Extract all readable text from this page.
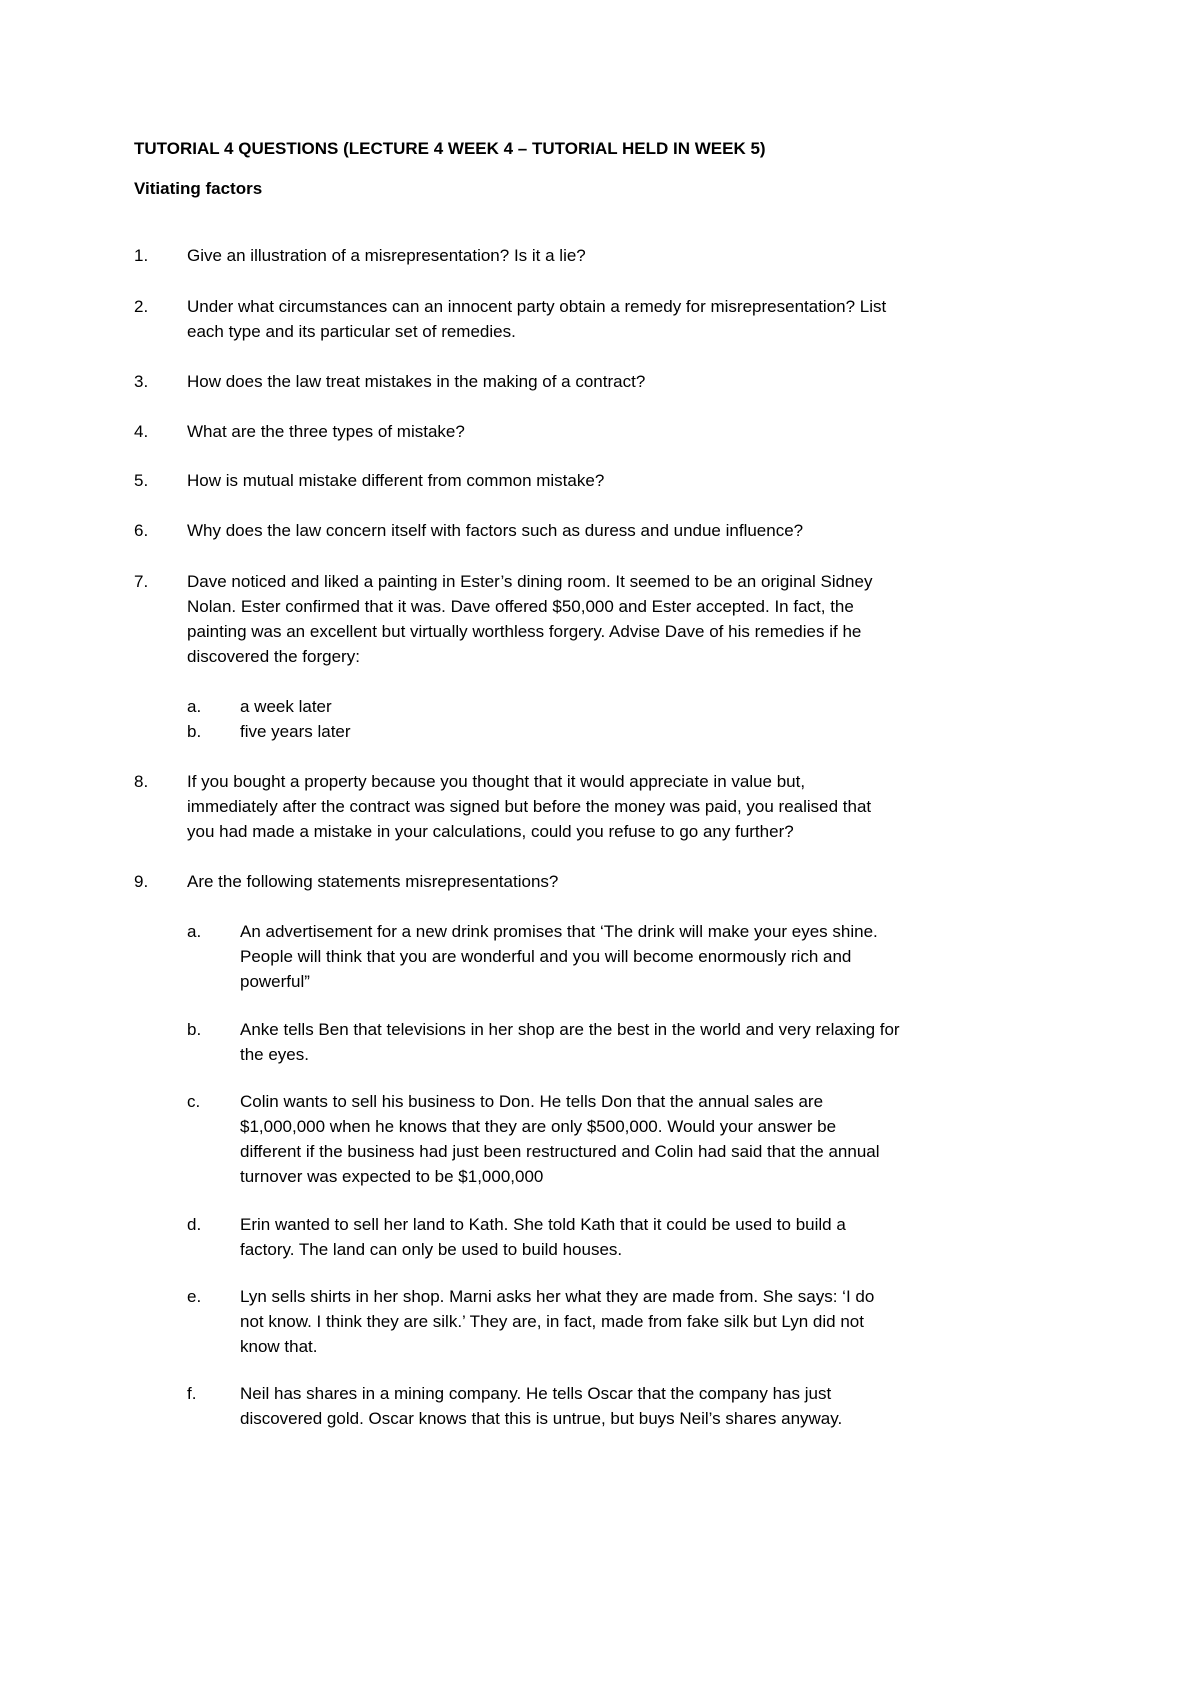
TUTORIAL 4 QUESTIONS (LECTURE 4 WEEK 4 – TUTORIAL HELD IN WEEK 5)
Vitiating factors
1. Give an illustration of a misrepresentation? Is it a lie?
2. Under what circumstances can an innocent party obtain a remedy for misrepresentation? List
each type and its particular set of remedies.
3. How does the law treat mistakes in the making of a contract?
4. What are the three types of mistake?
5. How is mutual mistake different from common mistake?
6. Why does the law concern itself with factors such as duress and undue influence?
7. Dave noticed and liked a painting in Ester’s dining room. It seemed to be an original Sidney
Nolan. Ester confirmed that it was. Dave offered $50,000 and Ester accepted. In fact, the
painting was an excellent but virtually worthless forgery. Advise Dave of his remedies if he
discovered the forgery:
a. a week later
b. five years later
8. If you bought a property because you thought that it would appreciate in value but,
immediately after the contract was signed but before the money was paid, you realised that
you had made a mistake in your calculations, could you refuse to go any further?
9. Are the following statements misrepresentations?
a. An advertisement for a new drink promises that ‘The drink will make your eyes shine.
People will think that you are wonderful and you will become enormously rich and
powerful”
b. Anke tells Ben that televisions in her shop are the best in the world and very relaxing for
the eyes.
c. Colin wants to sell his business to Don. He tells Don that the annual sales are
$1,000,000 when he knows that they are only $500,000. Would your answer be
different if the business had just been restructured and Colin had said that the annual
turnover was expected to be $1,000,000
d. Erin wanted to sell her land to Kath. She told Kath that it could be used to build a
factory. The land can only be used to build houses.
e. Lyn sells shirts in her shop. Marni asks her what they are made from. She says: ‘I do
not know. I think they are silk.’ They are, in fact, made from fake silk but Lyn did not
know that.
f.	Neil has shares in a mining company. He tells Oscar that the company has just
discovered gold. Oscar knows that this is untrue, but buys Neil’s shares anyway.
